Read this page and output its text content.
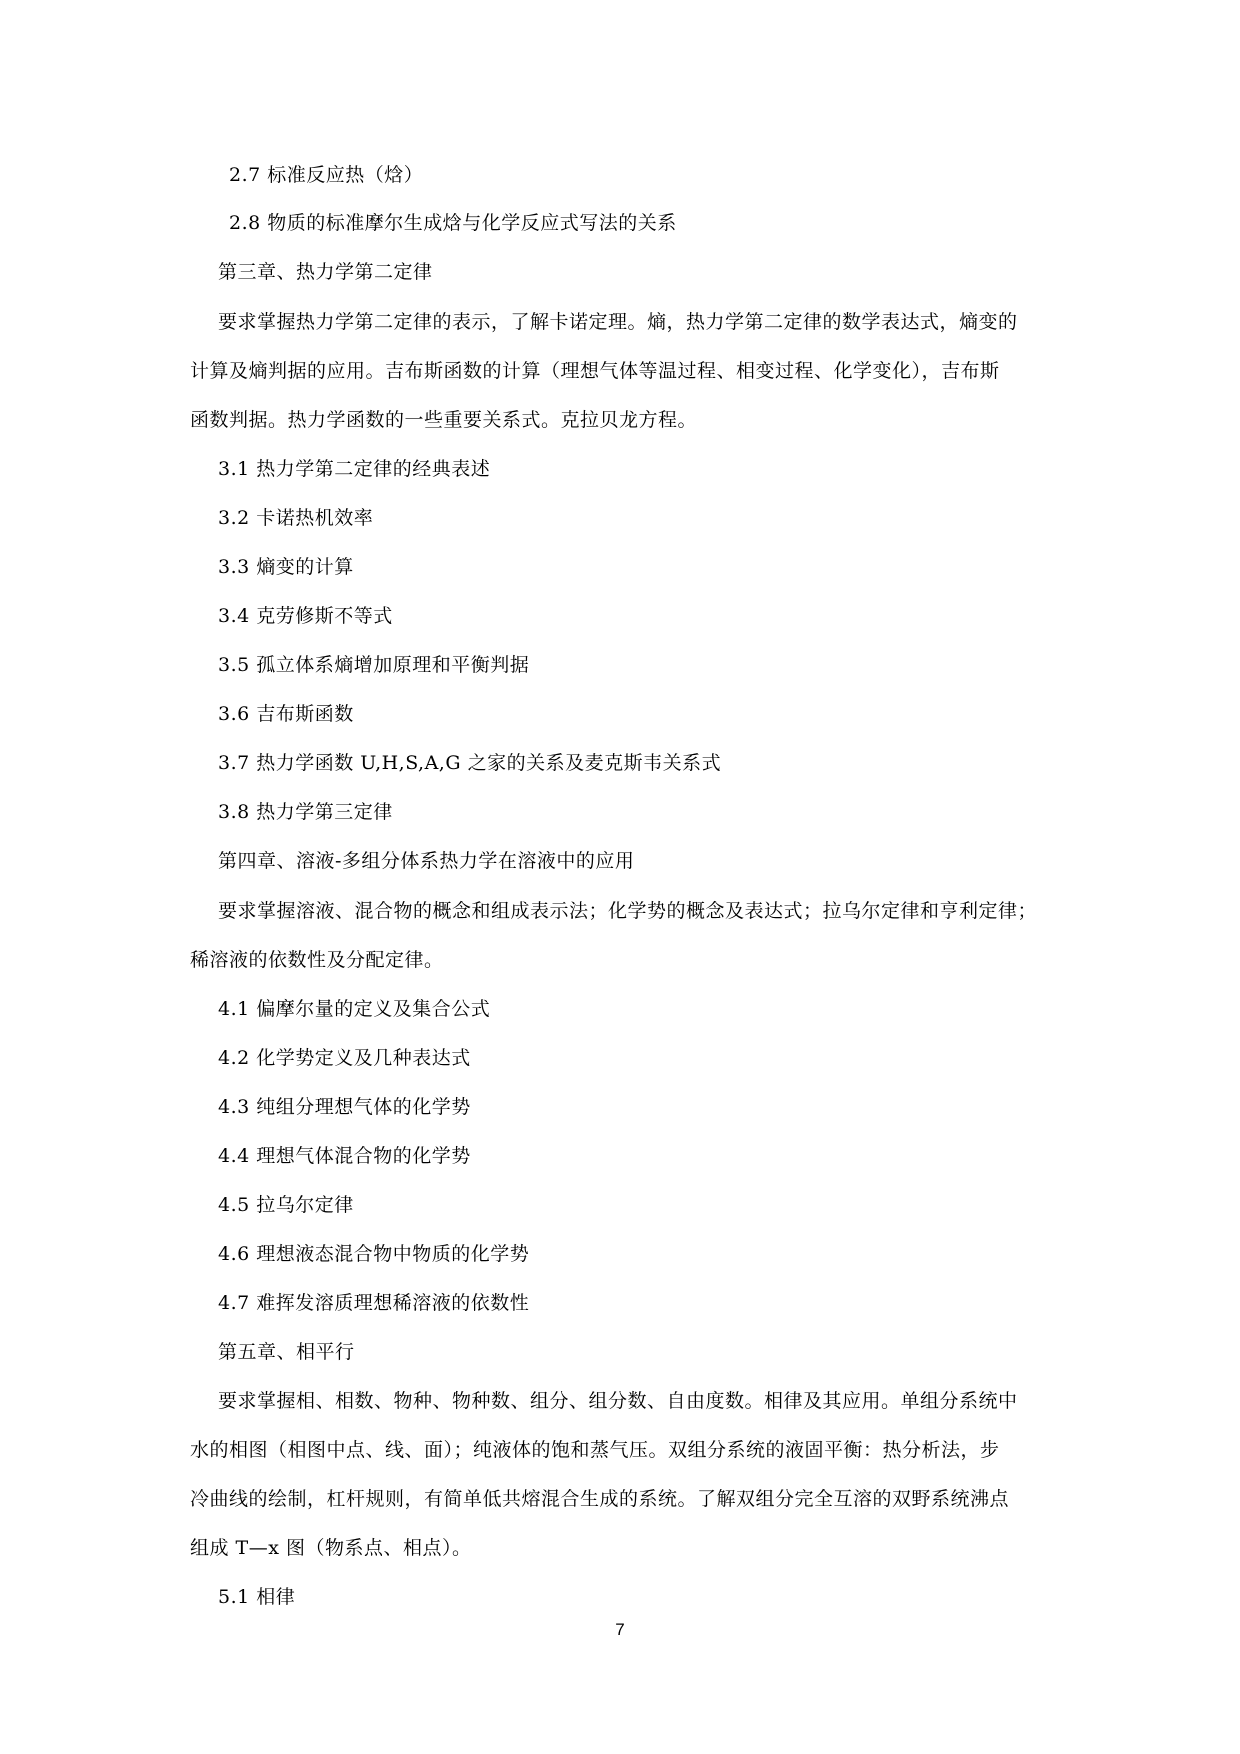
2.7 标准反应热（焓）
2.8 物质的标准摩尔生成焓与化学反应式写法的关系
第三章、热力学第二定律
要求掌握热力学第二定律的表示，了解卡诺定理。熵，热力学第二定律的数学表达式，熵变的
计算及熵判据的应用。吉布斯函数的计算（理想气体等温过程、相变过程、化学变化），吉布斯
函数判据。热力学函数的一些重要关系式。克拉贝龙方程。
3.1 热力学第二定律的经典表述
3.2 卡诺热机效率
3.3 熵变的计算
3.4 克劳修斯不等式
3.5 孤立体系熵增加原理和平衡判据
3.6 吉布斯函数
3.7 热力学函数 U,H,S,A,G 之家的关系及麦克斯韦关系式
3.8 热力学第三定律
第四章、溶液-多组分体系热力学在溶液中的应用
要求掌握溶液、混合物的概念和组成表示法；化学势的概念及表达式；拉乌尔定律和亨利定律；
稀溶液的依数性及分配定律。
4.1 偏摩尔量的定义及集合公式
4.2 化学势定义及几种表达式
4.3 纯组分理想气体的化学势
4.4 理想气体混合物的化学势
4.5 拉乌尔定律
4.6 理想液态混合物中物质的化学势
4.7 难挥发溶质理想稀溶液的依数性
第五章、相平行
要求掌握相、相数、物种、物种数、组分、组分数、自由度数。相律及其应用。单组分系统中
水的相图（相图中点、线、面）；纯液体的饱和蒸气压。双组分系统的液固平衡：热分析法，步
冷曲线的绘制，杠杆规则，有简单低共熔混合生成的系统。了解双组分完全互溶的双野系统沸点
组成 T—x 图（物系点、相点）。
5.1 相律
7
